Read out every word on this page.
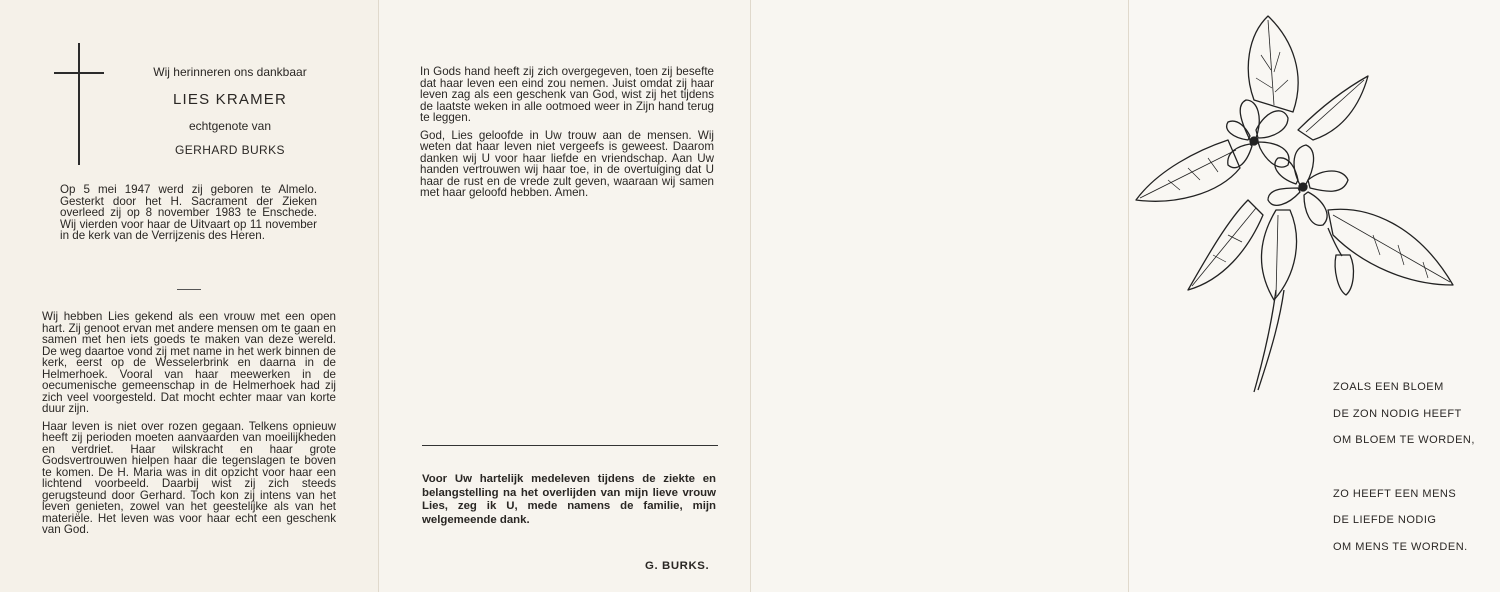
Wij herinneren ons dankbaar
LIES KRAMER
echtgenote van
GERHARD BURKS
Op 5 mei 1947 werd zij geboren te Almelo. Gesterkt door het H. Sacrament der Zieken overleed zij op 8 november 1983 te Enschede. Wij vierden voor haar de Uitvaart op 11 november in de kerk van de Verrijzenis des Heren.

Wij hebben Lies gekend als een vrouw met een open hart. Zij genoot ervan met andere mensen om te gaan en samen met hen iets goeds te maken van deze wereld. De weg daartoe vond zij met name in het werk binnen de kerk, eerst op de Wesselerbrink en daarna in de Helmerhoek. Vooral van haar meewerken in de oecumenische gemeenschap in de Helmerhoek had zij zich veel voorgesteld. Dat mocht echter maar van korte duur zijn.

Haar leven is niet over rozen gegaan. Telkens opnieuw heeft zij perioden moeten aanvaarden van moeilijkheden en verdriet. Haar wilskracht en haar grote Godsvertrouwen hielpen haar die tegenslagen te boven te komen. De H. Maria was in dit opzicht voor haar een lichtend voorbeeld. Daarbij wist zij zich steeds gerugsteund door Gerhard. Toch kon zij intens van het leven genieten, zowel van het geestelijke als van het materiële. Het leven was voor haar echt een geschenk van God.

In Gods hand heeft zij zich overgegeven, toen zij besefte dat haar leven een eind zou nemen. Juist omdat zij haar leven zag als een geschenk van God, wist zij het tijdens de laatste weken in alle ootmoed weer in Zijn hand terug te leggen.

God, Lies geloofde in Uw trouw aan de mensen. Wij weten dat haar leven niet vergeefs is geweest. Daarom danken wij U voor haar liefde en vriendschap. Aan Uw handen vertrouwen wij haar toe, in de overtuiging dat U haar de rust en de vrede zult geven, waaraan wij samen met haar geloofd hebben. Amen.

Voor Uw hartelijk medeleven tijdens de ziekte en belangstelling na het overlijden van mijn lieve vrouw Lies, zeg ik U, mede namens de familie, mijn welgemeende dank.
G. BURKS.
ZOALS EEN BLOEM
DE ZON NODIG HEEFT
OM BLOEM TE WORDEN,
ZO HEEFT EEN MENS
DE LIEFDE NODIG
OM MENS TE WORDEN.
